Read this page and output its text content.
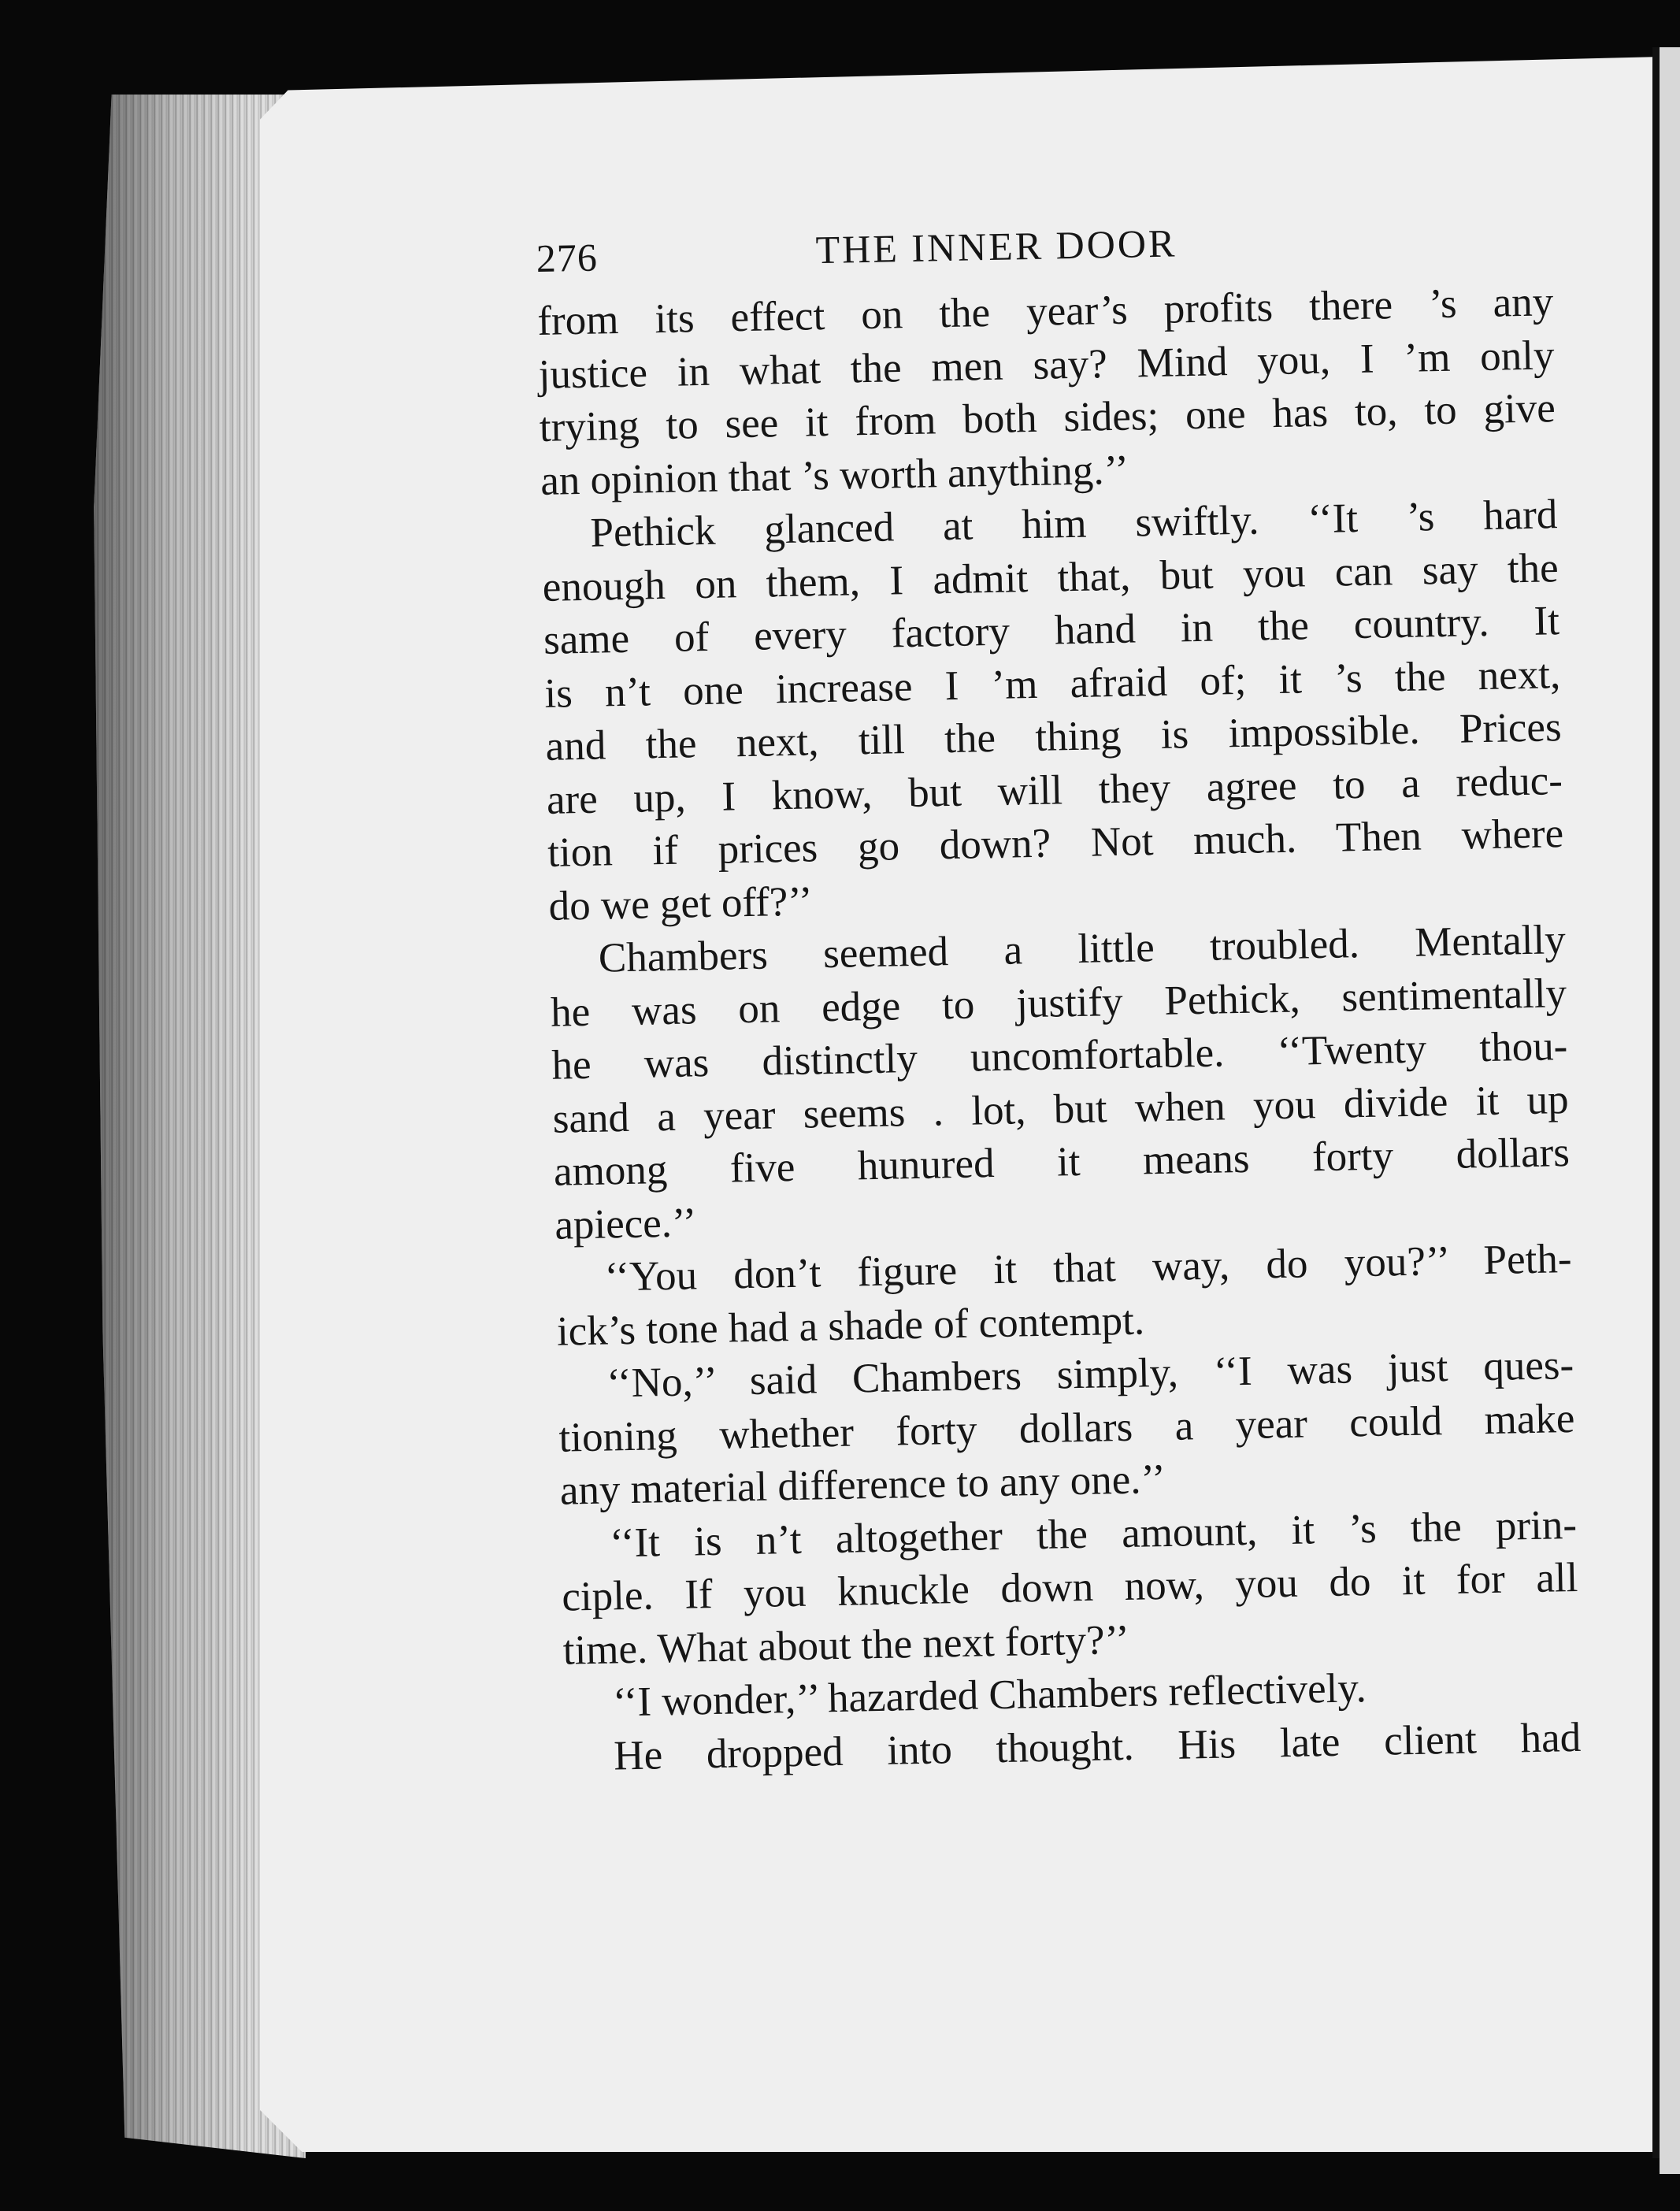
276	THE INNER DOOR
from its effect on the year’s profits there ’s any
justice in what the men say? Mind you, I ’m only
trying to see it from both sides; one has to, to give
an opinion that ’s worth anything.’’
Pethick glanced at him swiftly. ‘‘It ’s hard
enough on them, I admit that, but you can say the
same of every factory hand in the country. It
is n’t one increase I ’m afraid of; it ’s the next,
and the next, till the thing is impossible. Prices
are up, I know, but will they agree to a reduc-
tion if prices go down? Not much. Then where
do we get off?’’
Chambers seemed a little troubled. Mentally
he was on edge to justify Pethick, sentimentally
he was distinctly uncomfortable. ‘‘Twenty thou-
sand a year seems . lot, but when you divide it up
among five hunured it means forty dollars
apiece.’’
‘‘You don’t figure it that way, do you?’’ Peth-
ick’s tone had a shade of contempt.
‘‘No,’’ said Chambers simply, ‘‘I was just ques-
tioning whether forty dollars a year could make
any material difference to any one.’’
‘‘It is n’t altogether the amount, it ’s the prin-
ciple. If you knuckle down now, you do it for all
time. What about the next forty?’’
‘‘I wonder,’’ hazarded Chambers reflectively.
He dropped into thought. His late client had
